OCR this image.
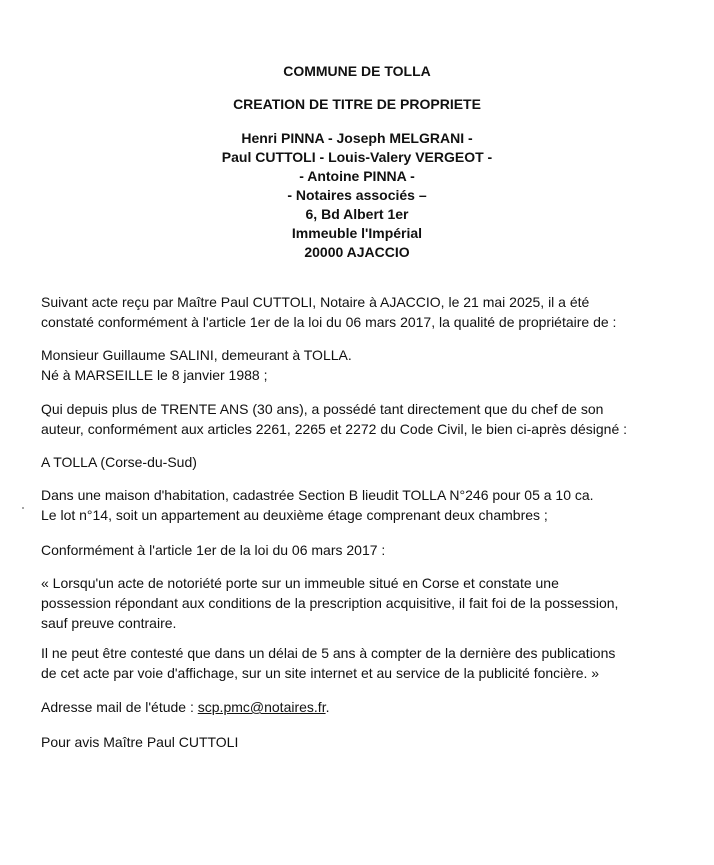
COMMUNE DE TOLLA
CREATION DE TITRE DE PROPRIETE
Henri PINNA - Joseph MELGRANI -
Paul CUTTOLI - Louis-Valery VERGEOT -
- Antoine PINNA -
- Notaires associés –
6, Bd Albert 1er
Immeuble l'Impérial
20000 AJACCIO
Suivant acte reçu par Maître Paul CUTTOLI, Notaire à AJACCIO, le 21 mai 2025, il a été
constaté conformément à l'article 1er de la loi du 06 mars 2017, la qualité de propriétaire de :
Monsieur Guillaume SALINI, demeurant à TOLLA.
Né à MARSEILLE le 8 janvier 1988 ;
Qui depuis plus de TRENTE ANS (30 ans), a possédé tant directement que du chef de son
auteur, conformément aux articles 2261, 2265 et 2272 du Code Civil, le bien ci-après désigné :
A TOLLA (Corse-du-Sud)
Dans une maison d'habitation, cadastrée Section B lieudit TOLLA N°246 pour 05 a 10 ca.
Le lot n°14, soit un appartement au deuxième étage comprenant deux chambres ;
Conformément à l'article 1er de la loi du 06 mars 2017 :
« Lorsqu'un acte de notoriété porte sur un immeuble situé en Corse et constate une
possession répondant aux conditions de la prescription acquisitive, il fait foi de la possession,
sauf preuve contraire.
Il ne peut être contesté que dans un délai de 5 ans à compter de la dernière des publications
de cet acte par voie d'affichage, sur un site internet et au service de la publicité foncière. »
Adresse mail de l'étude : scp.pmc@notaires.fr.
Pour avis Maître Paul CUTTOLI
